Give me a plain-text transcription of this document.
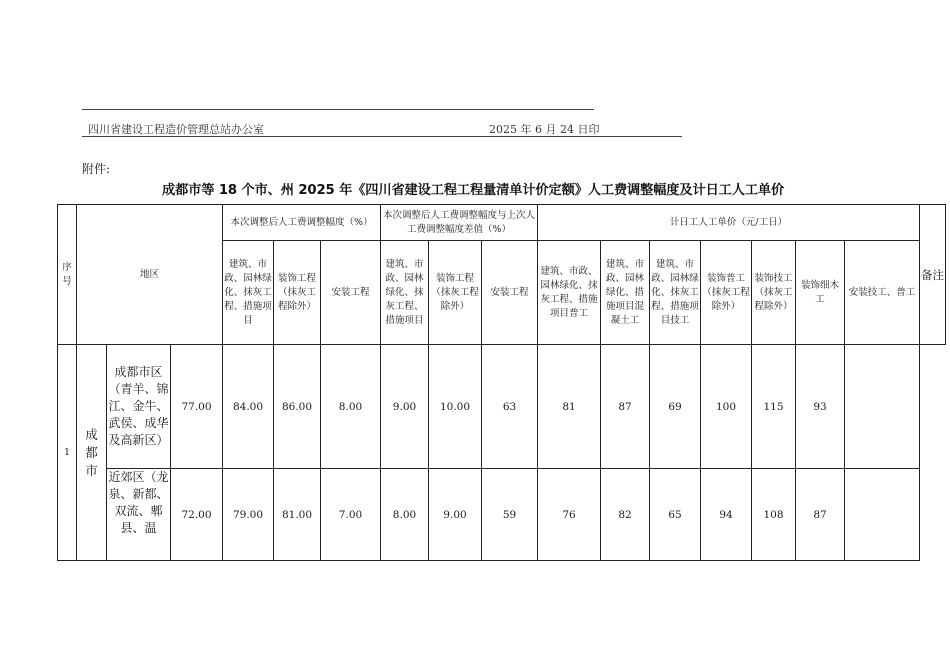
四川省建设工程造价管理总站办公室	2025 年 6 月 24 日印
附件:
成都市等 18 个市、州 2025 年《四川省建设工程工程量清单计价定额》人工费调整幅度及计日工人工单价
序号	地区			本次调整后人工费调整幅度（%）			本次调整后人工费调整幅度与上次人工费调整幅度差值（%）			计日工人工单价（元/工日）							备注
				建筑、市政、园林绿化、抹灰工程、措施项目	装饰工程（抹灰工程除外）	安装工程	建筑、市政、园林绿化、抹灰工程、措施项目	装饰工程（抹灰工程除外）	安装工程	建筑、市政、园林绿化、抹灰工程、措施项目普工	建筑、市政、园林绿化、措施项目混凝土工	建筑、市政、园林绿化、抹灰工程、措施项目技工	装饰普工（抹灰工程除外）	装饰技工（抹灰工程除外）	装饰细木工	安装技工、普工	
1	成都市	成都市区（青羊、锦江、金牛、武侯、成华及高新区）	77.00	84.00	86.00	8.00	9.00	10.00	63	81	87	69	100	115	93		
		近郊区（龙泉、新都、双流、郫县、温	72.00	79.00	81.00	7.00	8.00	9.00	59	76	82	65	94	108	87		
